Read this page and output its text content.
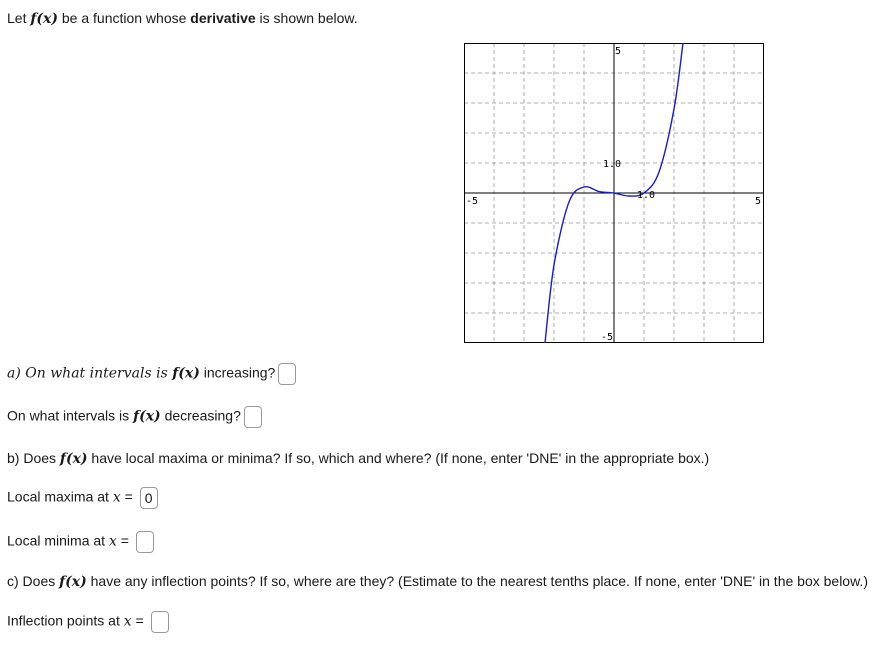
Let f(x) be a function whose derivative is shown below.
-5	5
5
-5
1.0
1.0
a) On what intervals is f(x) increasing?
On what intervals is f(x) decreasing?
b) Does f(x) have local maxima or minima? If so, which and where? (If none, enter 'DNE' in the appropriate box.)
Local maxima at x = 0
Local minima at x =
c) Does f(x) have any inflection points? If so, where are they? (Estimate to the nearest tenths place. If none, enter 'DNE' in the box below.)
Inflection points at x =
